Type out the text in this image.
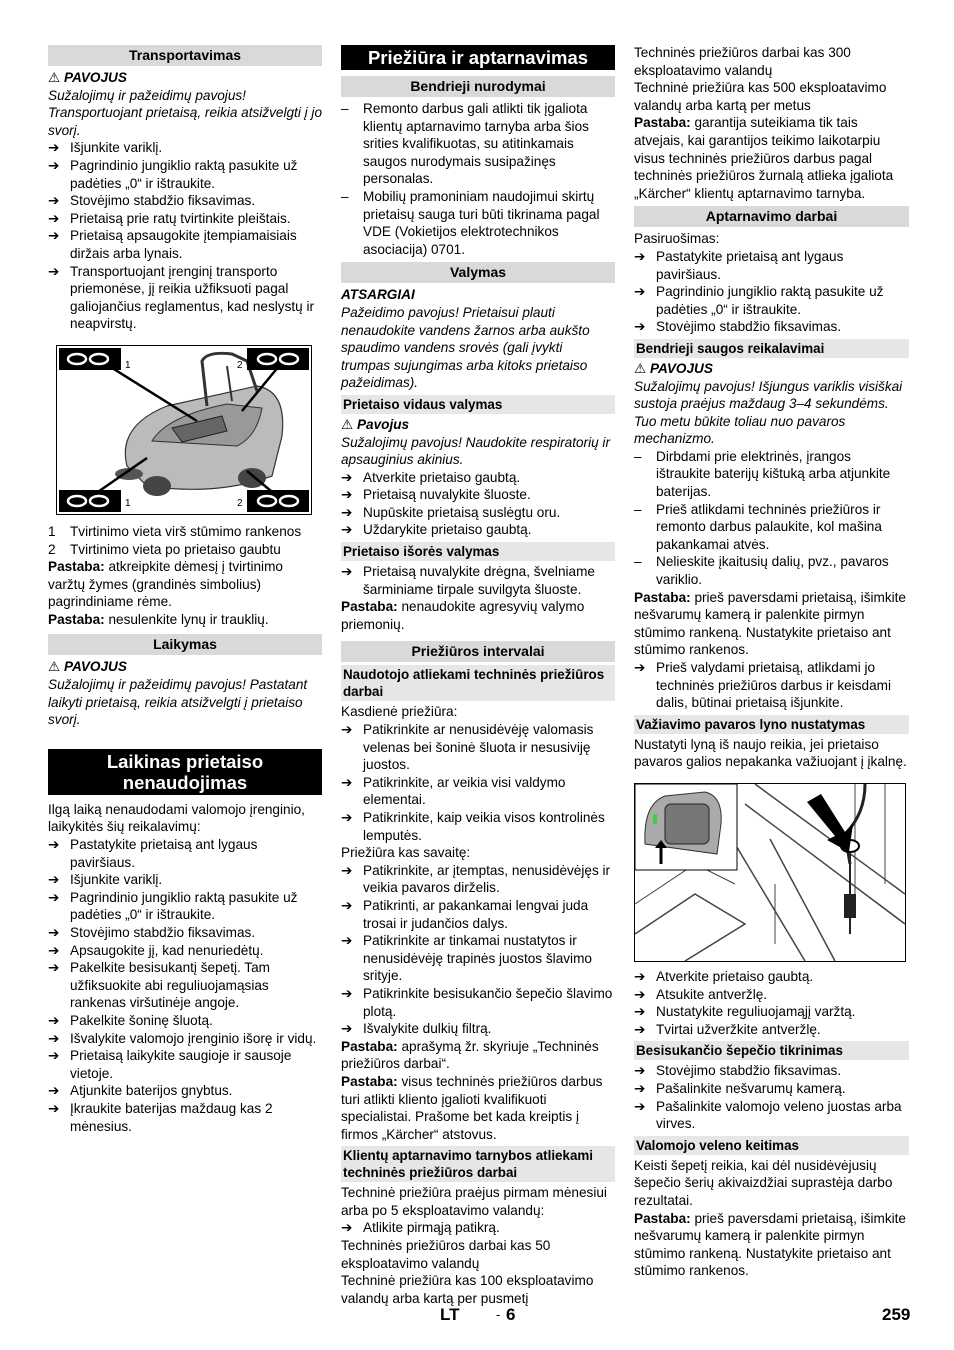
Transportavimas
⚠ PAVOJUS
Sužalojimų ir pažeidimų pavojus! Transportuojant prietaisą, reikia atsižvelgti į jo svorį.
➔ Išjunkite variklį.
➔ Pagrindinio jungiklio raktą pasukite už padėties „0“ ir ištraukite.
➔ Stovėjimo stabdžio fiksavimas.
➔ Prietaisą prie ratų tvirtinkite pleištais.
➔ Prietaisą apsaugokite įtempiamaisiais diržais arba lynais.
➔ Transportuojant įrenginį transporto priemonėse, jį reikia užfiksuoti pagal galiojančius reglamentus, kad neslystų ir neapvirstų.
1	2
1	2
1	Tvirtinimo vieta virš stūmimo rankenos
2	Tvirtinimo vieta po prietaiso gaubtu
Pastaba: atkreipkite dėmesį į tvirtinimo varžtų žymes (grandinės simbolius) pagrindiniame rėme.
Pastaba: nesulenkite lynų ir trauklių.
Laikymas
⚠ PAVOJUS
Sužalojimų ir pažeidimų pavojus! Pastatant laikyti prietaisą, reikia atsižvelgti į prietaiso svorį.
Laikinas prietaiso nenaudojimas
Ilgą laiką nenaudodami valomojo įrenginio, laikykitės šių reikalavimų:
➔ Pastatykite prietaisą ant lygaus paviršiaus.
➔ Išjunkite variklį.
➔ Pagrindinio jungiklio raktą pasukite už padėties „0“ ir ištraukite.
➔ Stovėjimo stabdžio fiksavimas.
➔ Apsaugokite jį, kad nenuriedėtų.
➔ Pakelkite besisukantį šepetį. Tam užfiksuokite abi reguliuojamąsias rankenas viršutinėje angoje.
➔ Pakelkite šoninę šluotą.
➔ Išvalykite valomojo įrenginio išorę ir vidų.
➔ Prietaisą laikykite saugioje ir sausoje vietoje.
➔ Atjunkite baterijos gnybtus.
➔ Įkraukite baterijas maždaug kas 2 mėnesius.
Priežiūra ir aptarnavimas
Bendrieji nurodymai
–	Remonto darbus gali atlikti tik įgaliota klientų aptarnavimo tarnyba arba šios srities kvalifikuotas, su atitinkamais saugos nurodymais susipažinęs personalas.
–	Mobilių pramoniniam naudojimui skirtų prietaisų sauga turi būti tikrinama pagal VDE (Vokietijos elektrotechnikos asociacija) 0701.
Valymas
ATSARGIAI
Pažeidimo pavojus! Prietaisui plauti nenaudokite vandens žarnos arba aukšto spaudimo vandens srovės (gali įvykti trumpas sujungimas arba kitoks prietaiso pažeidimas).
Prietaiso vidaus valymas
⚠ Pavojus
Sužalojimų pavojus! Naudokite respiratorių ir apsauginius akinius.
➔ Atverkite prietaiso gaubtą.
➔ Prietaisą nuvalykite šluoste.
➔ Nupūskite prietaisą suslėgtu oru.
➔ Uždarykite prietaiso gaubtą.
Prietaiso išorės valymas
➔ Prietaisą nuvalykite drėgna, švelniame šarminiame tirpale suvilgyta šluoste.
Pastaba: nenaudokite agresyvių valymo priemonių.
Priežiūros intervalai
Naudotojo atliekami techninės priežiūros darbai
Kasdienė priežiūra:
➔ Patikrinkite ar nenusidėvėję valomasis velenas bei šoninė šluota ir nesusiviję juostos.
➔ Patikrinkite, ar veikia visi valdymo elementai.
➔ Patikrinkite, kaip veikia visos kontrolinės lemputės.
Priežiūra kas savaitę:
➔ Patikrinkite, ar įtemptas, nenusidėvėjęs ir veikia pavaros dirželis.
➔ Patikrinti, ar pakankamai lengvai juda trosai ir judančios dalys.
➔ Patikrinkite ar tinkamai nustatytos ir nenusidėvėję trapinės juostos šlavimo srityje.
➔ Patikrinkite besisukančio šepečio šlavimo plotą.
➔ Išvalykite dulkių filtrą.
Pastaba: aprašymą žr. skyriuje „Techninės priežiūros darbai“.
Pastaba: visus techninės priežiūros darbus turi atlikti kliento įgalioti kvalifikuoti specialistai. Prašome bet kada kreiptis į firmos „Kärcher“ atstovus.
Klientų aptarnavimo tarnybos atliekami techninės priežiūros darbai
Techninė priežiūra praėjus pirmam mėnesiui arba po 5 eksploatavimo valandų:
➔ Atlikite pirmąją patikrą.
Techninės priežiūros darbai kas 50 eksploatavimo valandų
Techninė priežiūra kas 100 eksploatavimo valandų arba kartą per pusmetį
Techninės priežiūros darbai kas 300 eksploatavimo valandų
Techninė priežiūra kas 500 eksploatavimo valandų arba kartą per metus
Pastaba: garantija suteikiama tik tais atvejais, kai garantijos teikimo laikotarpiu visus techninės priežiūros darbus pagal techninės priežiūros žurnalą atlieka įgaliota „Kärcher“ klientų aptarnavimo tarnyba.
Aptarnavimo darbai
Pasiruošimas:
➔ Pastatykite prietaisą ant lygaus paviršiaus.
➔ Pagrindinio jungiklio raktą pasukite už padėties „0“ ir ištraukite.
➔ Stovėjimo stabdžio fiksavimas.
Bendrieji saugos reikalavimai
⚠ PAVOJUS
Sužalojimų pavojus! Išjungus variklis visiškai sustoja praėjus maždaug 3–4 sekundėms. Tuo metu būkite toliau nuo pavaros mechanizmo.
–	Dirbdami prie elektrinės, įrangos ištraukite baterijų kištuką arba atjunkite baterijas.
–	Prieš atlikdami techninės priežiūros ir remonto darbus palaukite, kol mašina pakankamai atvės.
–	Nelieskite įkaitusių dalių, pvz., pavaros variklio.
Pastaba: prieš paversdami prietaisą, išimkite nešvarumų kamerą ir palenkite pirmyn stūmimo rankeną. Nustatykite prietaiso ant stūmimo rankenos.
➔ Prieš valydami prietaisą, atlikdami jo techninės priežiūros darbus ir keisdami dalis, būtinai prietaisą išjunkite.
Važiavimo pavaros lyno nustatymas
Nustatyti lyną iš naujo reikia, jei prietaiso pavaros galios nepakanka važiuojant į įkalnę.
➔ Atverkite prietaiso gaubtą.
➔ Atsukite antveržlę.
➔ Nustatykite reguliuojamąjį varžtą.
➔ Tvirtai užveržkite antveržlę.
Besisukančio šepečio tikrinimas
➔ Stovėjimo stabdžio fiksavimas.
➔ Pašalinkite nešvarumų kamerą.
➔ Pašalinkite valomojo veleno juostas arba virves.
Valomojo veleno keitimas
Keisti šepetį reikia, kai dėl nusidėvėjusių šepečio šerių akivaizdžiai suprastėja darbo rezultatai.
Pastaba: prieš paversdami prietaisą, išimkite nešvarumų kamerą ir palenkite pirmyn stūmimo rankeną. Nustatykite prietaiso ant stūmimo rankenos.
LT	- 6	259
